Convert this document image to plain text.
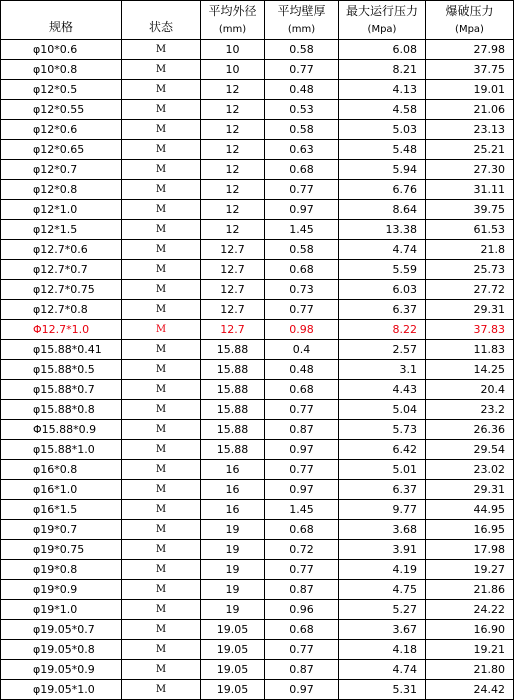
规格	状态	平均外径	平均壁厚	最大运行压力	爆破压力
		(mm)	(mm)	(Mpa)	(Mpa)
φ10*0.6	M	10	0.58	6.08	27.98
φ10*0.8	M	10	0.77	8.21	37.75
φ12*0.5	M	12	0.48	4.13	19.01
φ12*0.55	M	12	0.53	4.58	21.06
φ12*0.6	M	12	0.58	5.03	23.13
φ12*0.65	M	12	0.63	5.48	25.21
φ12*0.7	M	12	0.68	5.94	27.30
φ12*0.8	M	12	0.77	6.76	31.11
φ12*1.0	M	12	0.97	8.64	39.75
φ12*1.5	M	12	1.45	13.38	61.53
φ12.7*0.6	M	12.7	0.58	4.74	21.8
φ12.7*0.7	M	12.7	0.68	5.59	25.73
φ12.7*0.75	M	12.7	0.73	6.03	27.72
φ12.7*0.8	M	12.7	0.77	6.37	29.31
Φ12.7*1.0	M	12.7	0.98	8.22	37.83
φ15.88*0.41	M	15.88	0.4	2.57	11.83
φ15.88*0.5	M	15.88	0.48	3.1	14.25
φ15.88*0.7	M	15.88	0.68	4.43	20.4
φ15.88*0.8	M	15.88	0.77	5.04	23.2
Φ15.88*0.9	M	15.88	0.87	5.73	26.36
φ15.88*1.0	M	15.88	0.97	6.42	29.54
φ16*0.8	M	16	0.77	5.01	23.02
φ16*1.0	M	16	0.97	6.37	29.31
φ16*1.5	M	16	1.45	9.77	44.95
φ19*0.7	M	19	0.68	3.68	16.95
φ19*0.75	M	19	0.72	3.91	17.98
φ19*0.8	M	19	0.77	4.19	19.27
φ19*0.9	M	19	0.87	4.75	21.86
φ19*1.0	M	19	0.96	5.27	24.22
φ19.05*0.7	M	19.05	0.68	3.67	16.90
φ19.05*0.8	M	19.05	0.77	4.18	19.21
φ19.05*0.9	M	19.05	0.87	4.74	21.80
φ19.05*1.0	M	19.05	0.97	5.31	24.42
